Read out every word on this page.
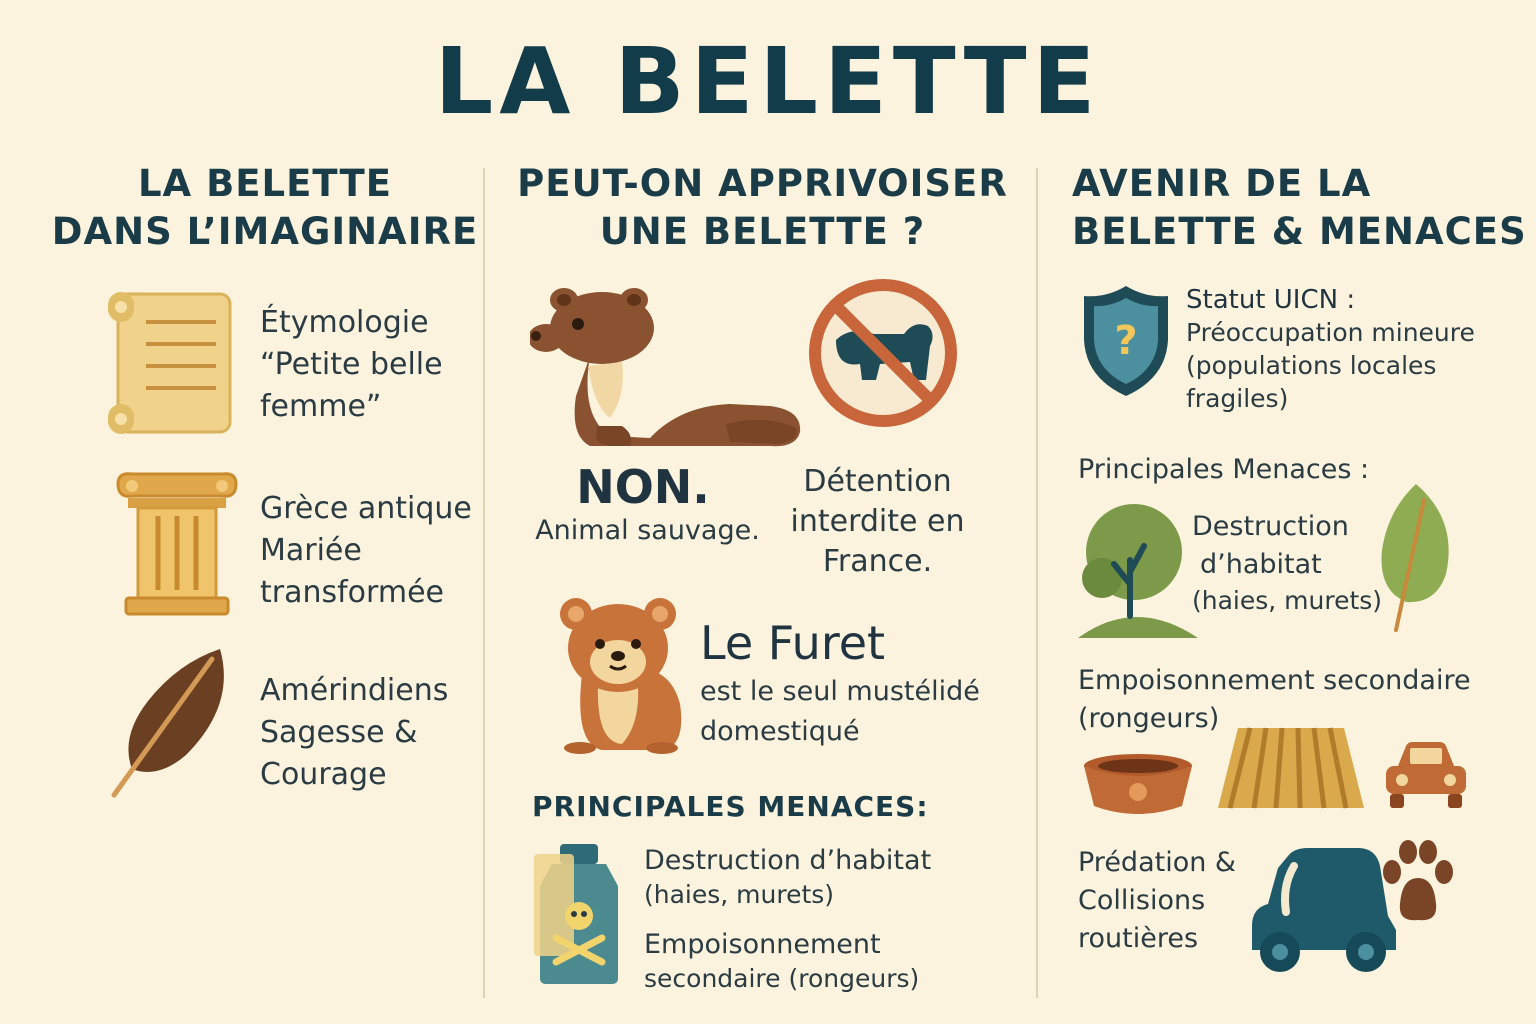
LA BELETTE
LA BELETTE
DANS L’IMAGINAIRE
Étymologie
“Petite belle
femme”
Grèce antique
Mariée
transformée
Amérindiens
Sagesse &
Courage
PEUT-ON APPRIVOISER
UNE BELETTE ?
NON.
Animal sauvage.
Détention
interdite en
France.
Le Furet
est le seul mustélidé
domestiqué
PRINCIPALES MENACES:
Destruction d’habitat
(haies, murets)
Empoisonnement
secondaire (rongeurs)
AVENIR DE LA
BELETTE & MENACES
?
Statut UICN :
Préoccupation mineure
(populations locales
fragiles)
Principales Menaces :
Destruction
d’habitat
(haies, murets)
Empoisonnement secondaire
(rongeurs)
Prédation &
Collisions
routières
